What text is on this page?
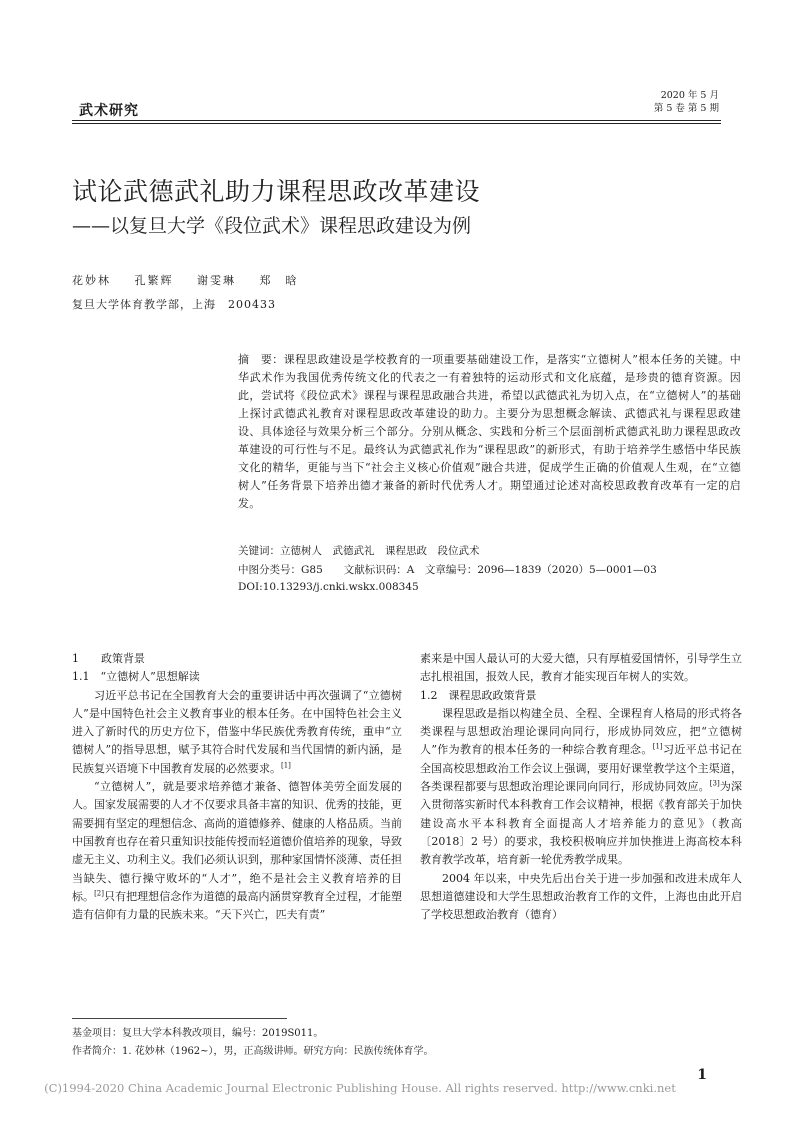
武术研究
2020 年 5 月
第 5 卷 第 5 期
试论武德武礼助力课程思政改革建设
——以复旦大学《段位武术》课程思政建设为例
花妙林 孔繁辉 谢雯琳 郑　晗
复旦大学体育教学部，上海　200433
摘　要：课程思政建设是学校教育的一项重要基础建设工作，是落实“立德树人”根本任务的关键。中华武术作为我国优秀传统文化的代表之一有着独特的运动形式和文化底蕴，是珍贵的德育资源。因此，尝试将《段位武术》课程与课程思政融合共进，希望以武德武礼为切入点，在“立德树人”的基础上探讨武德武礼教育对课程思政改革建设的助力。主要分为思想概念解读、武德武礼与课程思政建设、具体途径与效果分析三个部分。分别从概念、实践和分析三个层面剖析武德武礼助力课程思政改革建设的可行性与不足。最终认为武德武礼作为“课程思政”的新形式，有助于培养学生感悟中华民族文化的精华，更能与当下“社会主义核心价值观”融合共进，促成学生正确的价值观人生观，在“立德树人”任务背景下培养出德才兼备的新时代优秀人才。期望通过论述对高校思政教育改革有一定的启发。
关键词：立德树人　武德武礼　课程思政　段位武术
中图分类号：G85　　文献标识码：A　文章编号：2096—1839（2020）5—0001—03
DOI:10.13293/j.cnki.wskx.008345

1　　政策背景

1.1　“立德树人”思想解读

习近平总书记在全国教育大会的重要讲话中再次强调了“立德树人”是中国特色社会主义教育事业的根本任务。在中国特色社会主义进入了新时代的历史方位下，借鉴中华民族优秀教育传统，重申“立德树人”的指导思想，赋予其符合时代发展和当代国情的新内涵，是民族复兴语境下中国教育发展的必然要求。[1]

“立德树人”，就是要求培养德才兼备、德智体美劳全面发展的人。国家发展需要的人才不仅要求具备丰富的知识、优秀的技能，更需要拥有坚定的理想信念、高尚的道德修养、健康的人格品质。当前中国教育也存在着只重知识技能传授而轻道德价值培养的现象，导致虚无主义、功利主义。我们必须认识到，那种家国情怀淡薄、责任担当缺失、德行操守败坏的“人才”，绝不是社会主义教育培养的目标。[2]只有把理想信念作为道德的最高内涵贯穿教育全过程，才能塑造有信仰有力量的民族未来。“天下兴亡，匹夫有责”

素来是中国人最认可的大爱大德，只有厚植爱国情怀，引导学生立志扎根祖国，报效人民，教育才能实现百年树人的实效。

1.2　课程思政政策背景

课程思政是指以构建全员、全程、全课程育人格局的形式将各类课程与思想政治理论课同向同行，形成协同效应，把“立德树人”作为教育的根本任务的一种综合教育理念。[1]习近平总书记在全国高校思想政治工作会议上强调，要用好课堂教学这个主渠道，各类课程都要与思想政治理论课同向同行，形成协同效应。[3]为深入贯彻落实新时代本科教育工作会议精神，根据《教育部关于加快建设高水平本科教育全面提高人才培养能力的意见》（教高〔2018〕2 号）的要求，我校积极响应并加快推进上海高校本科教育教学改革，培育新一轮优秀教学成果。

2004 年以来，中央先后出台关于进一步加强和改进未成年人思想道德建设和大学生思想政治教育工作的文件，上海也由此开启了学校思想政治教育（德育）

基金项目：复旦大学本科教改项目，编号：2019S011。
作者简介：1. 花妙林（1962~），男，正高级讲师。研究方向：民族传统体育学。
1
(C)1994-2020 China Academic Journal Electronic Publishing House. All rights reserved. http://www.cnki.net
